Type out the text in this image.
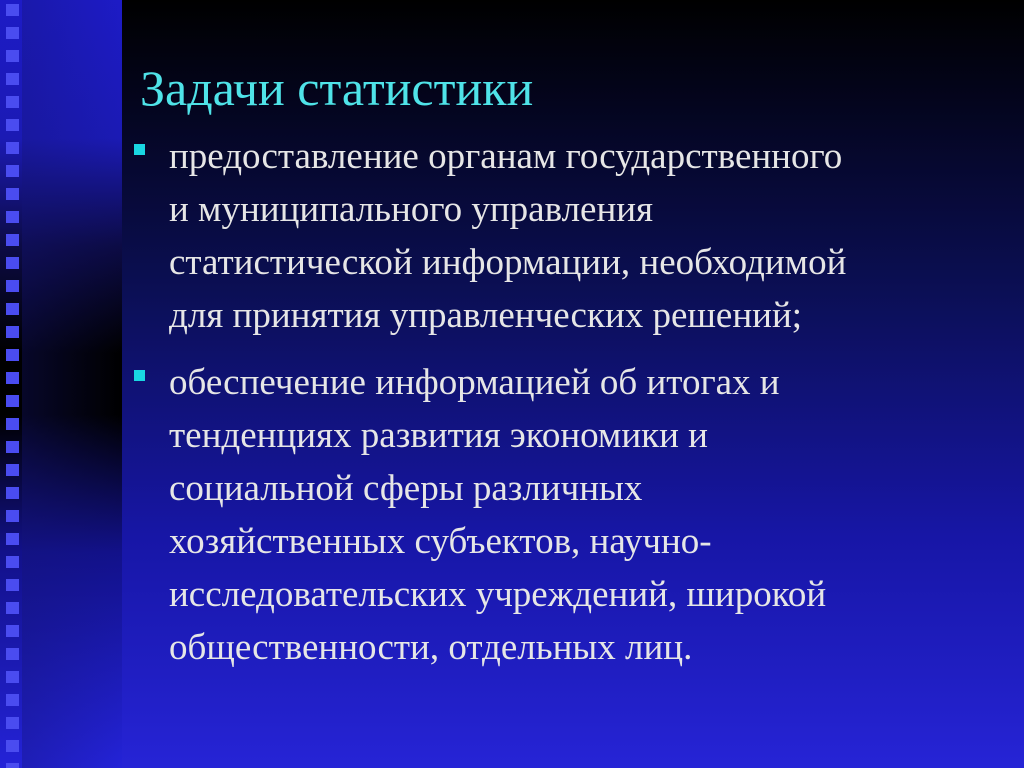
Задачи статистики
предоставление органам государственного
и муниципального управления
статистической информации, необходимой
для принятия управленческих решений;
обеспечение информацией об итогах и
тенденциях развития экономики и
социальной сферы различных
хозяйственных субъектов, научно-
исследовательских учреждений, широкой
общественности, отдельных лиц.
